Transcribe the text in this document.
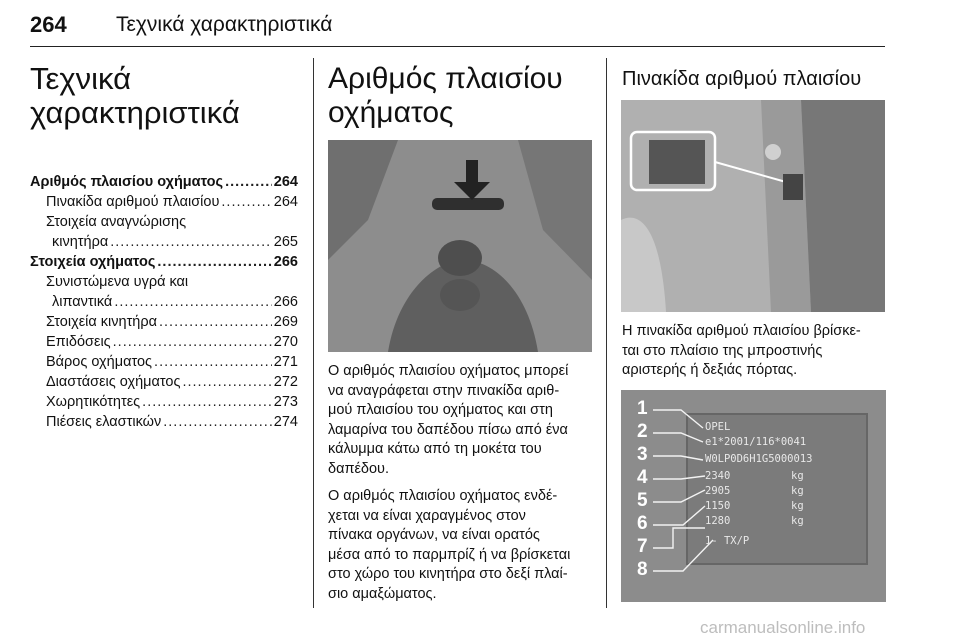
264 Τεχνικά χαρακτηριστικά
Τεχνικά
χαρακτηριστικά
Αριθμός πλαισίου οχήματος .....	264
Πινακίδα αριθμού πλαισίου .....	264
Στοιχεία αναγνώρισης
κινητήρα .....	265
Στοιχεία οχήματος .....	266
Συνιστώμενα υγρά και
λιπαντικά .....	266
Στοιχεία κινητήρα .....	269
Επιδόσεις .....	270
Βάρος οχήματος .....	271
Διαστάσεις οχήματος .....	272
Χωρητικότητες .....	273
Πιέσεις ελαστικών .....	274
Αριθμός πλαισίου
οχήματος

Ο αριθμός πλαισίου οχήματος μπορεί
να αναγράφεται στην πινακίδα αριθ-
μού πλαισίου του οχήματος και στη
λαμαρίνα του δαπέδου πίσω από ένα
κάλυμμα κάτω από τη μοκέτα του
δαπέδου.

Ο αριθμός πλαισίου οχήματος ενδέ-
χεται να είναι χαραγμένος στον
πίνακα οργάνων, να είναι ορατός
μέσα από το παρμπρίζ ή να βρίσκεται
στο χώρο του κινητήρα στο δεξί πλαί-
σιο αμαξώματος.

Πινακίδα αριθμού πλαισίου

Η πινακίδα αριθμού πλαισίου βρίσκε-
ται στο πλαίσιο της μπροστινής
αριστερής ή δεξιάς πόρτας.

1
2
3
4
5
6
7
8
OPEL
e1*2001/116*0041
W0LP0D6H1G5000013
2340
2905
1150
1280
1- TX/P
kg
kg
kg
kg
carmanualsonline.info
